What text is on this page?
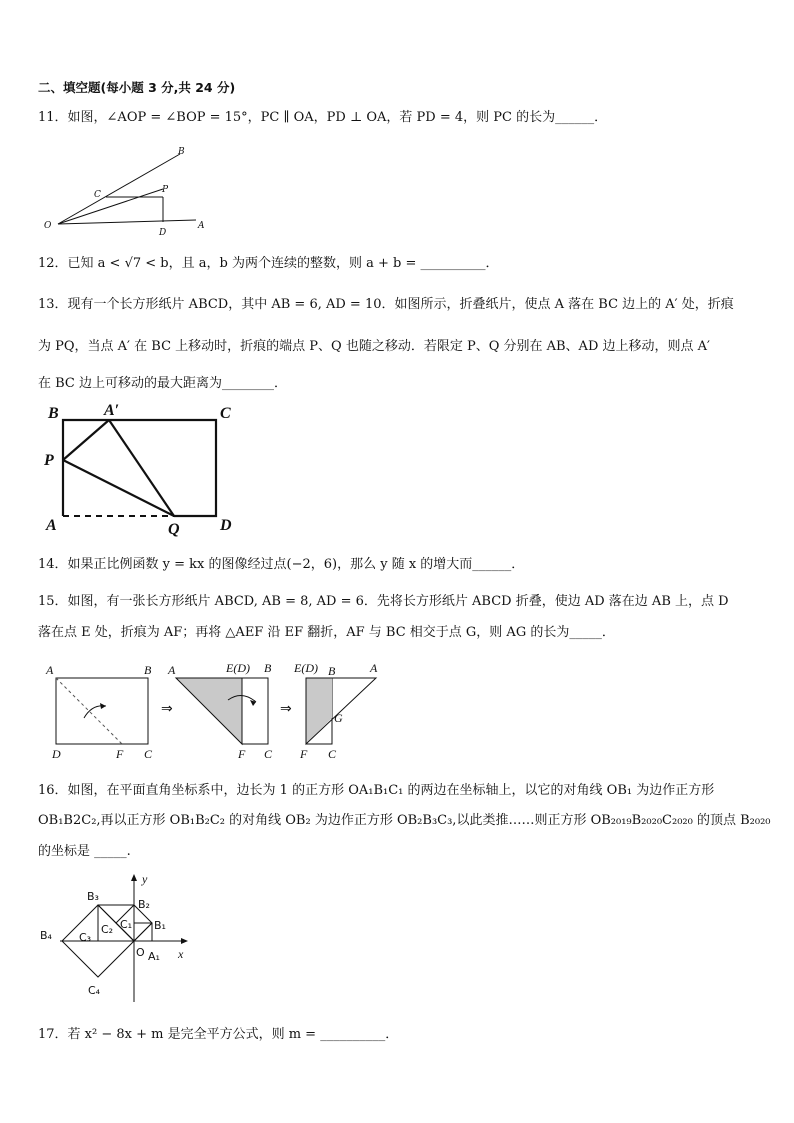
二、填空题(每小题 3 分,共 24 分)
11．如图，∠AOP = ∠BOP = 15°，PC ∥ OA，PD ⊥ OA，若 PD = 4，则 PC 的长为______．
B
C	P
O
D
A
12．已知 a < √7 < b，且 a，b 为两个连续的整数，则 a + b = __________．
13．现有一个长方形纸片 ABCD，其中 AB = 6, AD = 10．如图所示，折叠纸片，使点 A 落在 BC 边上的 A′ 处，折痕
为 PQ，当点 A′ 在 BC 上移动时，折痕的端点 P、Q 也随之移动．若限定 P、Q 分别在 AB、AD 边上移动，则点 A′
在 BC 边上可移动的最大距离为________．
B	A′	C
P
A	Q	D
14．如果正比例函数 y = kx 的图像经过点(−2，6)，那么 y 随 x 的增大而______．
15．如图，有一张长方形纸片 ABCD, AB = 8, AD = 6．先将长方形纸片 ABCD 折叠，使边 AD 落在边 AB 上，点 D
落在点 E 处，折痕为 AF；再将 △AEF 沿 EF 翻折，AF 与 BC 相交于点 G，则 AG 的长为_____．
A	B
D	F C
⇒
A	E(D) B
F C
⇒
E(D) B	A
G
F C
16．如图，在平面直角坐标系中，边长为 1 的正方形 OA₁B₁C₁ 的两边在坐标轴上，以它的对角线 OB₁ 为边作正方形
OB₁B2C₂,再以正方形 OB₁B₂C₂ 的对角线 OB₂ 为边作正方形 OB₂B₃C₃,以此类推……则正方形 OB₂₀₁₉B₂₀₂₀C₂₀₂₀ 的顶点 B₂₀₂₀
的坐标是 _____.
y
B₃
B₂
B₁
C₃
C₂ C₁
B₄
O A₁ x
C₄
17．若 x² − 8x + m 是完全平方公式，则 m = __________．
